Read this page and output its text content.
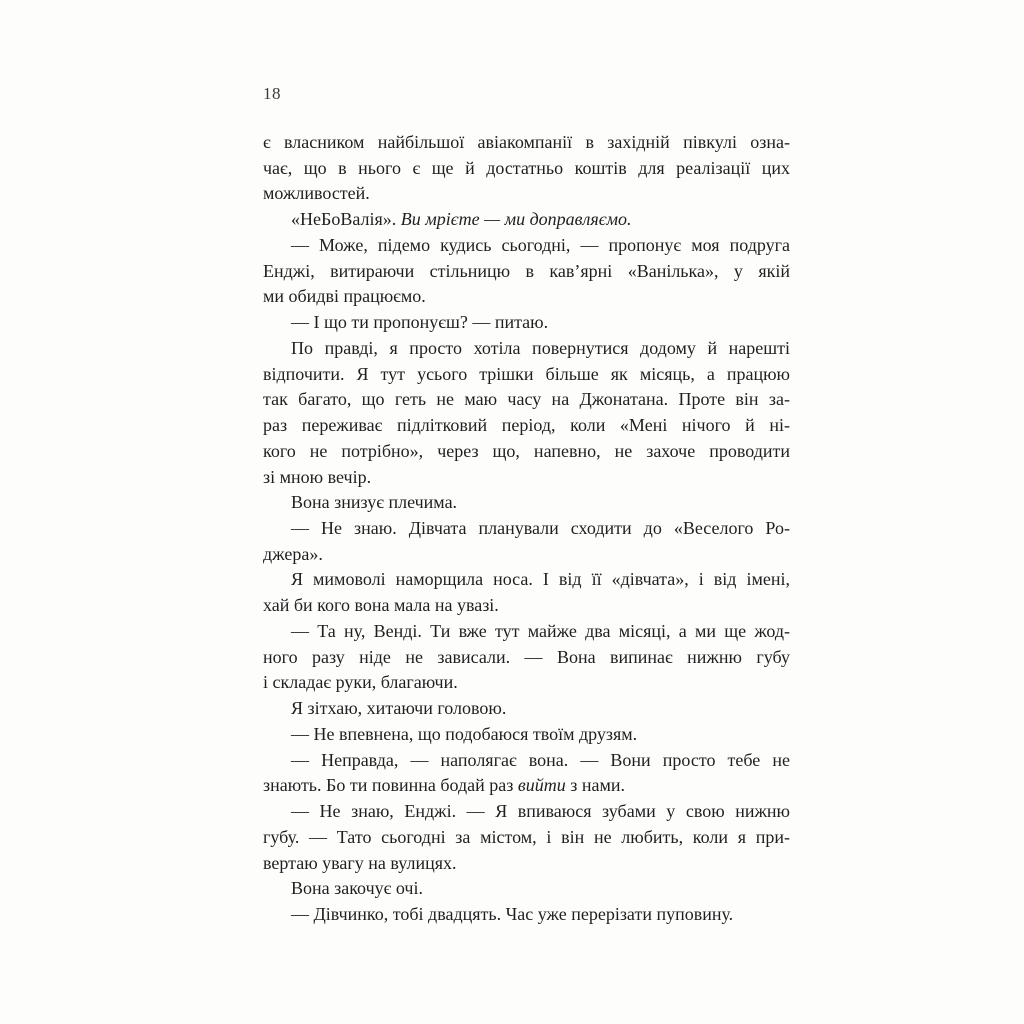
18
є власником найбільшої авіакомпанії в західній півкулі озна-
чає, що в нього є ще й достатньо коштів для реалізації цих
можливостей.
«НеБоВалія». Ви мрієте — ми доправляємо.
— Може, підемо кудись сьогодні, — пропонує моя подруга
Енджі, витираючи стільницю в кав’ярні «Ванілька», у якій
ми обидві працюємо.
— І що ти пропонуєш? — питаю.
По правді, я просто хотіла повернутися додому й нарешті
відпочити. Я тут усього трішки більше як місяць, а працюю
так багато, що геть не маю часу на Джонатана. Проте він за-
раз переживає підлітковий період, коли «Мені нічого й ні-
кого не потрібно», через що, напевно, не захоче проводити
зі мною вечір.
Вона знизує плечима.
— Не знаю. Дівчата планували сходити до «Веселого Ро-
джера».
Я мимоволі наморщила носа. І від її «дівчата», і від імені,
хай би кого вона мала на увазі.
— Та ну, Венді. Ти вже тут майже два місяці, а ми ще жод-
ного разу ніде не зависали. — Вона випинає нижню губу
і складає руки, благаючи.
Я зітхаю, хитаючи головою.
— Не впевнена, що подобаюся твоїм друзям.
— Неправда, — наполягає вона. — Вони просто тебе не
знають. Бо ти повинна бодай раз вийти з нами.
— Не знаю, Енджі. — Я впиваюся зубами у свою нижню
губу. — Тато сьогодні за містом, і він не любить, коли я при-
вертаю увагу на вулицях.
Вона закочує очі.
— Дівчинко, тобі двадцять. Час уже перерізати пуповину.
